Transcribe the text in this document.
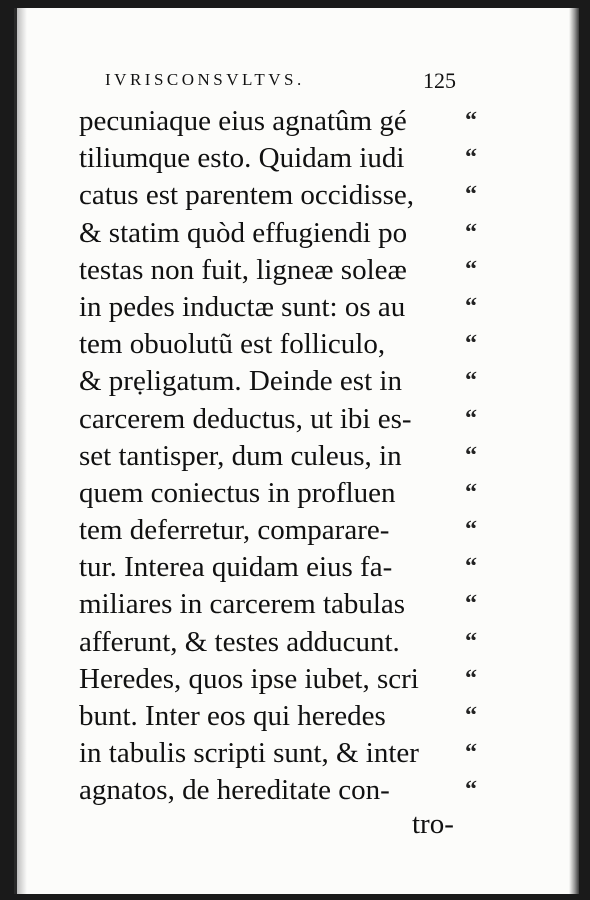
IVRISCONSVLTVS.	125
pecuniaque eius agnatûm gé
tiliumque esto. Quidam iudi
catus est parentem occidisse,
& statim quòd effugiendi po
testas non fuit, ligneæ soleæ
in pedes inductæ sunt: os au
tem obuolutũ est folliculo,
& prẹligatum. Deinde est in
carcerem deductus, ut ibi es-
set tantisper, dum culeus, in
quem coniectus in profluen
tem deferretur, comparare-
tur. Interea quidam eius fa-
miliares in carcerem tabulas
afferunt, & testes adducunt.
Heredes, quos ipse iubet, scri
bunt. Inter eos qui heredes
in tabulis scripti sunt, & inter
agnatos, de hereditate con-
“
“
“
“
“
“
“
“
“
“
“
“
“
“
“
“
“
“
“
tro-
